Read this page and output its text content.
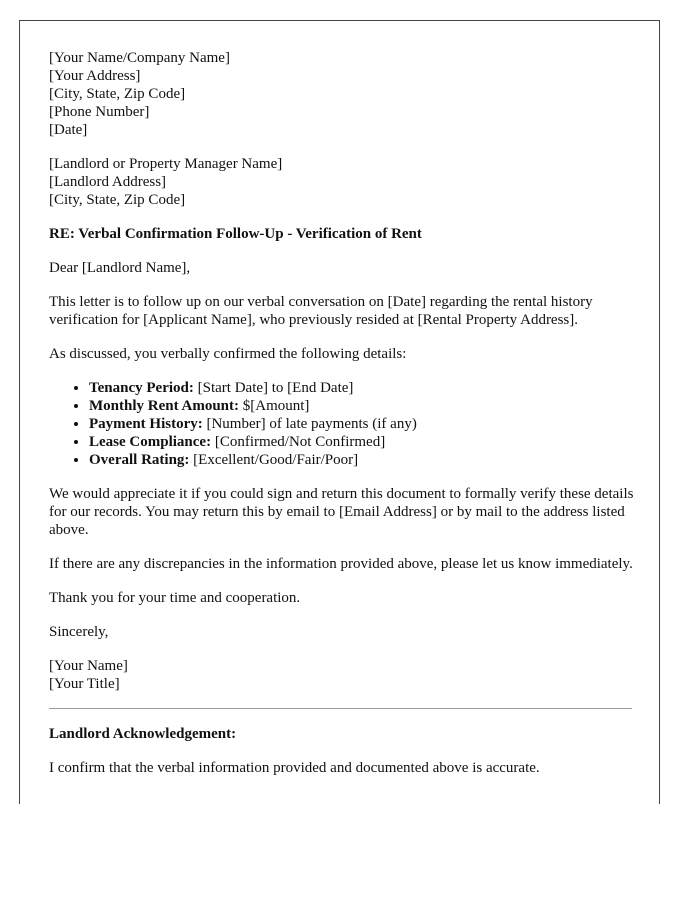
[Your Name/Company Name]
[Your Address]
[City, State, Zip Code]
[Phone Number]
[Date]
[Landlord or Property Manager Name]
[Landlord Address]
[City, State, Zip Code]

RE: Verbal Confirmation Follow-Up - Verification of Rent

Dear [Landlord Name],

This letter is to follow up on our verbal conversation on [Date] regarding the rental history verification for [Applicant Name], who previously resided at [Rental Property Address].

As discussed, you verbally confirmed the following details:

• Tenancy Period: [Start Date] to [End Date]
• Monthly Rent Amount: $[Amount]
• Payment History: [Number] of late payments (if any)
• Lease Compliance: [Confirmed/Not Confirmed]
• Overall Rating: [Excellent/Good/Fair/Poor]

We would appreciate it if you could sign and return this document to formally verify these details for our records. You may return this by email to [Email Address] or by mail to the address listed above.

If there are any discrepancies in the information provided above, please let us know immediately.

Thank you for your time and cooperation.

Sincerely,

[Your Name]
[Your Title]

Landlord Acknowledgement:

I confirm that the verbal information provided and documented above is accurate.
